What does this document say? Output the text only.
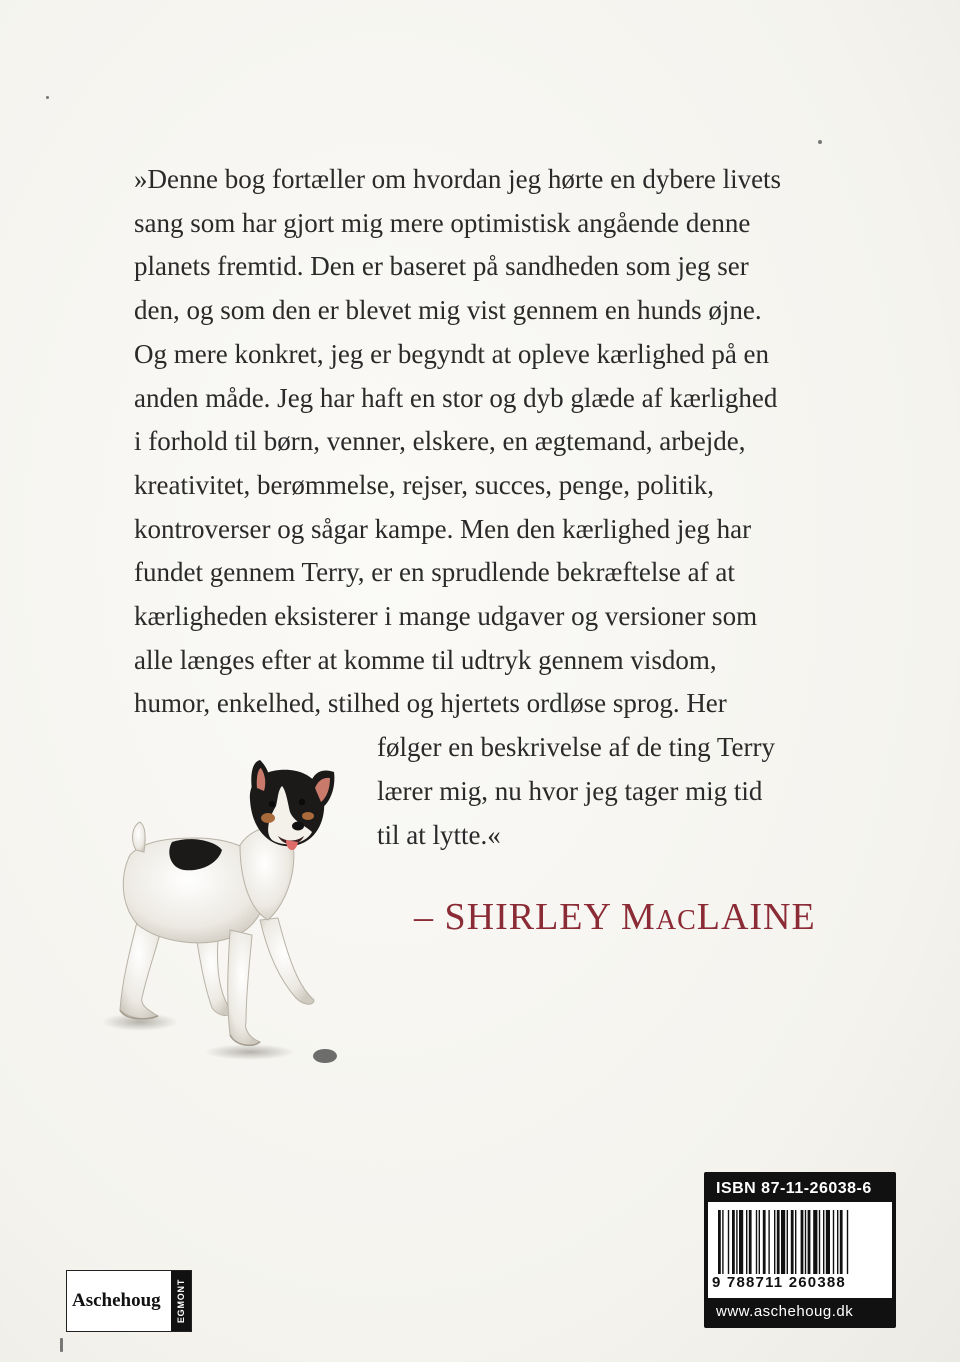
»Denne bog fortæller om hvordan jeg hørte en dybere livets
sang som har gjort mig mere optimistisk angående denne
planets fremtid. Den er baseret på sandheden som jeg ser
den, og som den er blevet mig vist gennem en hunds øjne.
Og mere konkret, jeg er begyndt at opleve kærlighed på en
anden måde. Jeg har haft en stor og dyb glæde af kærlighed
i forhold til børn, venner, elskere, en ægtemand, arbejde,
kreativitet, berømmelse, rejser, succes, penge, politik,
kontroverser og sågar kampe. Men den kærlighed jeg har
fundet gennem Terry, er en sprudlende bekræftelse af at
kærligheden eksisterer i mange udgaver og versioner som
alle længes efter at komme til udtryk gennem visdom,
humor, enkelhed, stilhed og hjertets ordløse sprog. Her
følger en beskrivelse af de ting Terry
lærer mig, nu hvor jeg tager mig tid
til at lytte.«
– SHIRLEY MACLAINE
ISBN 87-11-26038-6
9 788711 260388
www.aschehoug.dk
Aschehoug EGMONT
